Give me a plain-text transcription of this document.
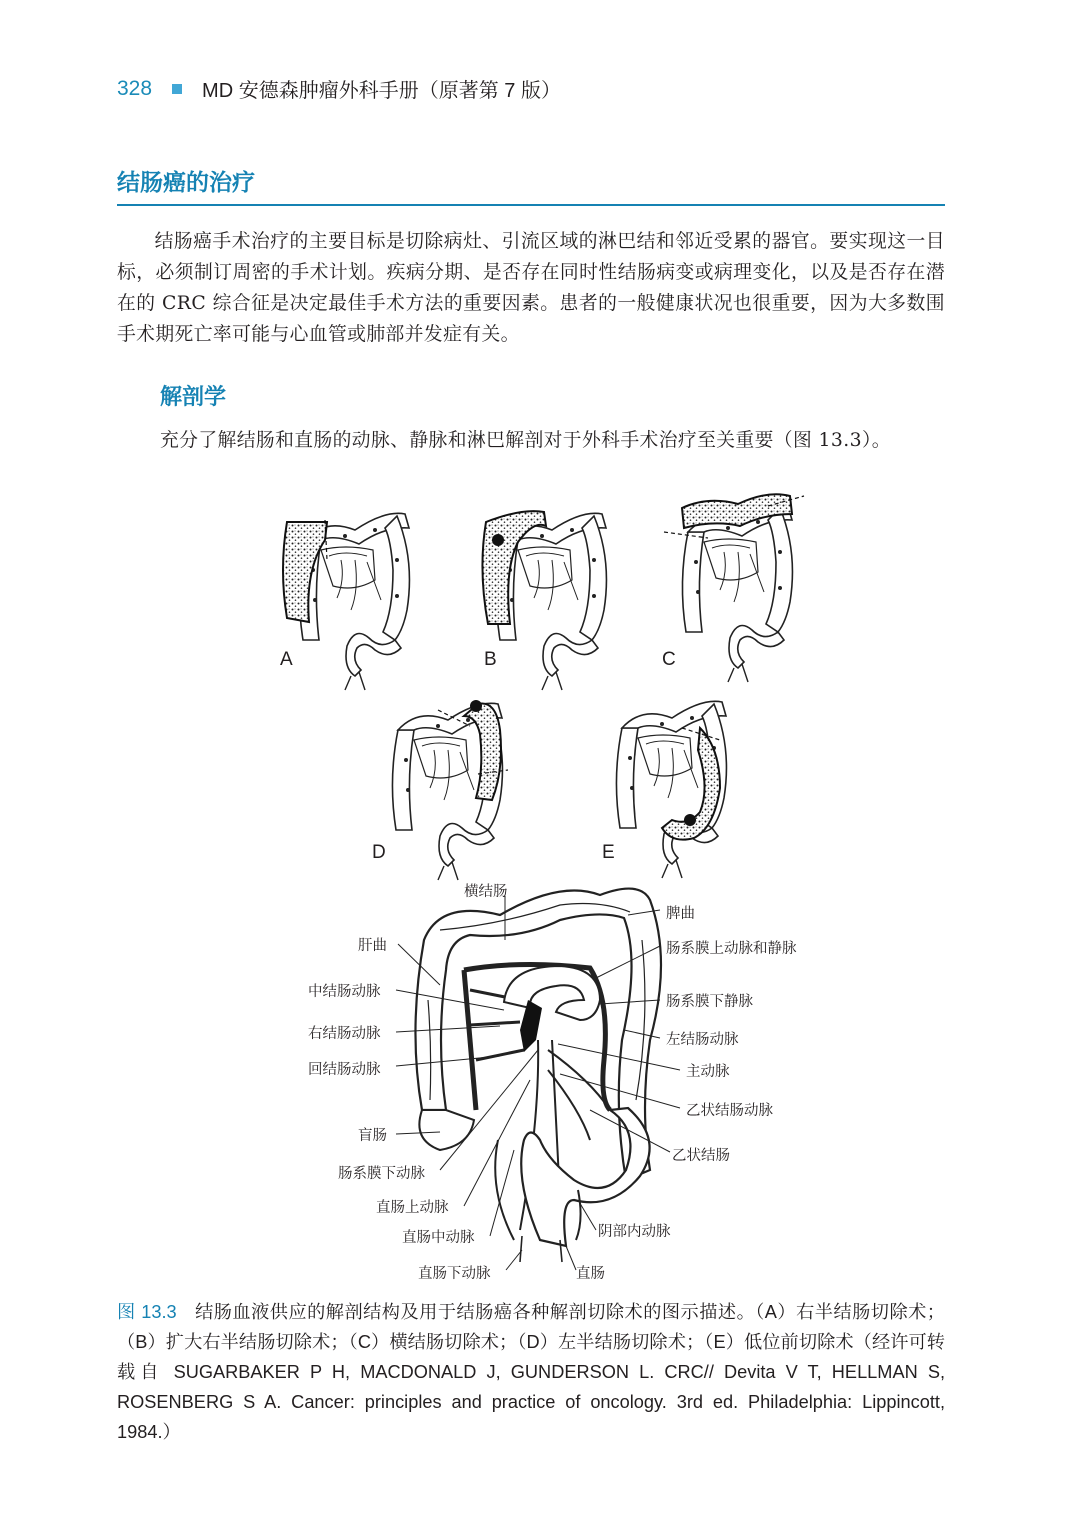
328	MD 安德森肿瘤外科手册（原著第 7 版）
结肠癌的治疗

结肠癌手术治疗的主要目标是切除病灶、引流区域的淋巴结和邻近受累的器官。要实现这一目标，必须制订周密的手术计划。疾病分期、是否存在同时性结肠病变或病理变化，以及是否存在潜在的 CRC 综合征是决定最佳手术方法的重要因素。患者的一般健康状况也很重要，因为大多数围手术期死亡率可能与心血管或肺部并发症有关。

解剖学

充分了解结肠和直肠的动脉、静脉和淋巴解剖对于外科手术治疗至关重要（图 13.3）。

A	B	C
D	E
横结肠
脾曲
肝曲	肠系膜上动脉和静脉
中结肠动脉
肠系膜下静脉
右结肠动脉	左结肠动脉
回结肠动脉	主动脉
乙状结肠动脉
盲肠
乙状结肠
肠系膜下动脉
直肠上动脉
阴部内动脉
直肠中动脉
直肠下动脉	直肠

图 13.3 结肠血液供应的解剖结构及用于结肠癌各种解剖切除术的图示描述。（A）右半结肠切除术；（B）扩大右半结肠切除术；（C）横结肠切除术；（D）左半结肠切除术；（E）低位前切除术（经许可转载自 SUGARBAKER P H, MACDONALD J, GUNDERSON L. CRC// Devita V T, HELLMAN S, ROSENBERG S A. Cancer: principles and practice of oncology. 3rd ed. Philadelphia: Lippincott, 1984.）
